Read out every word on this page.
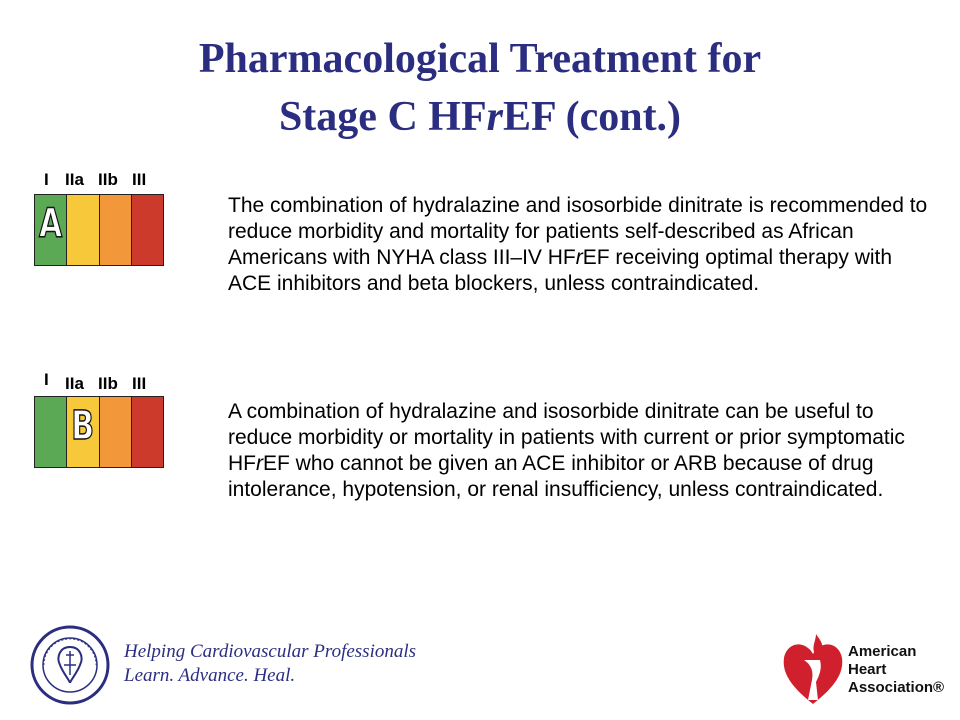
Pharmacological Treatment for
Stage C HFrEF (cont.)
I IIa IIb III
A	The combination of hydralazine and isosorbide dinitrate is recommended to reduce morbidity and mortality for patients self-described as African Americans with NYHA class III–IV HFrEF receiving optimal therapy with ACE inhibitors and beta blockers, unless contraindicated.
I IIa IIb III
B	A combination of hydralazine and isosorbide dinitrate can be useful to reduce morbidity or mortality in patients with current or prior symptomatic HFrEF who cannot be given an ACE inhibitor or ARB because of drug intolerance, hypotension, or renal insufficiency, unless contraindicated.
Helping Cardiovascular Professionals
Learn. Advance. Heal.
American
Heart
Association®
